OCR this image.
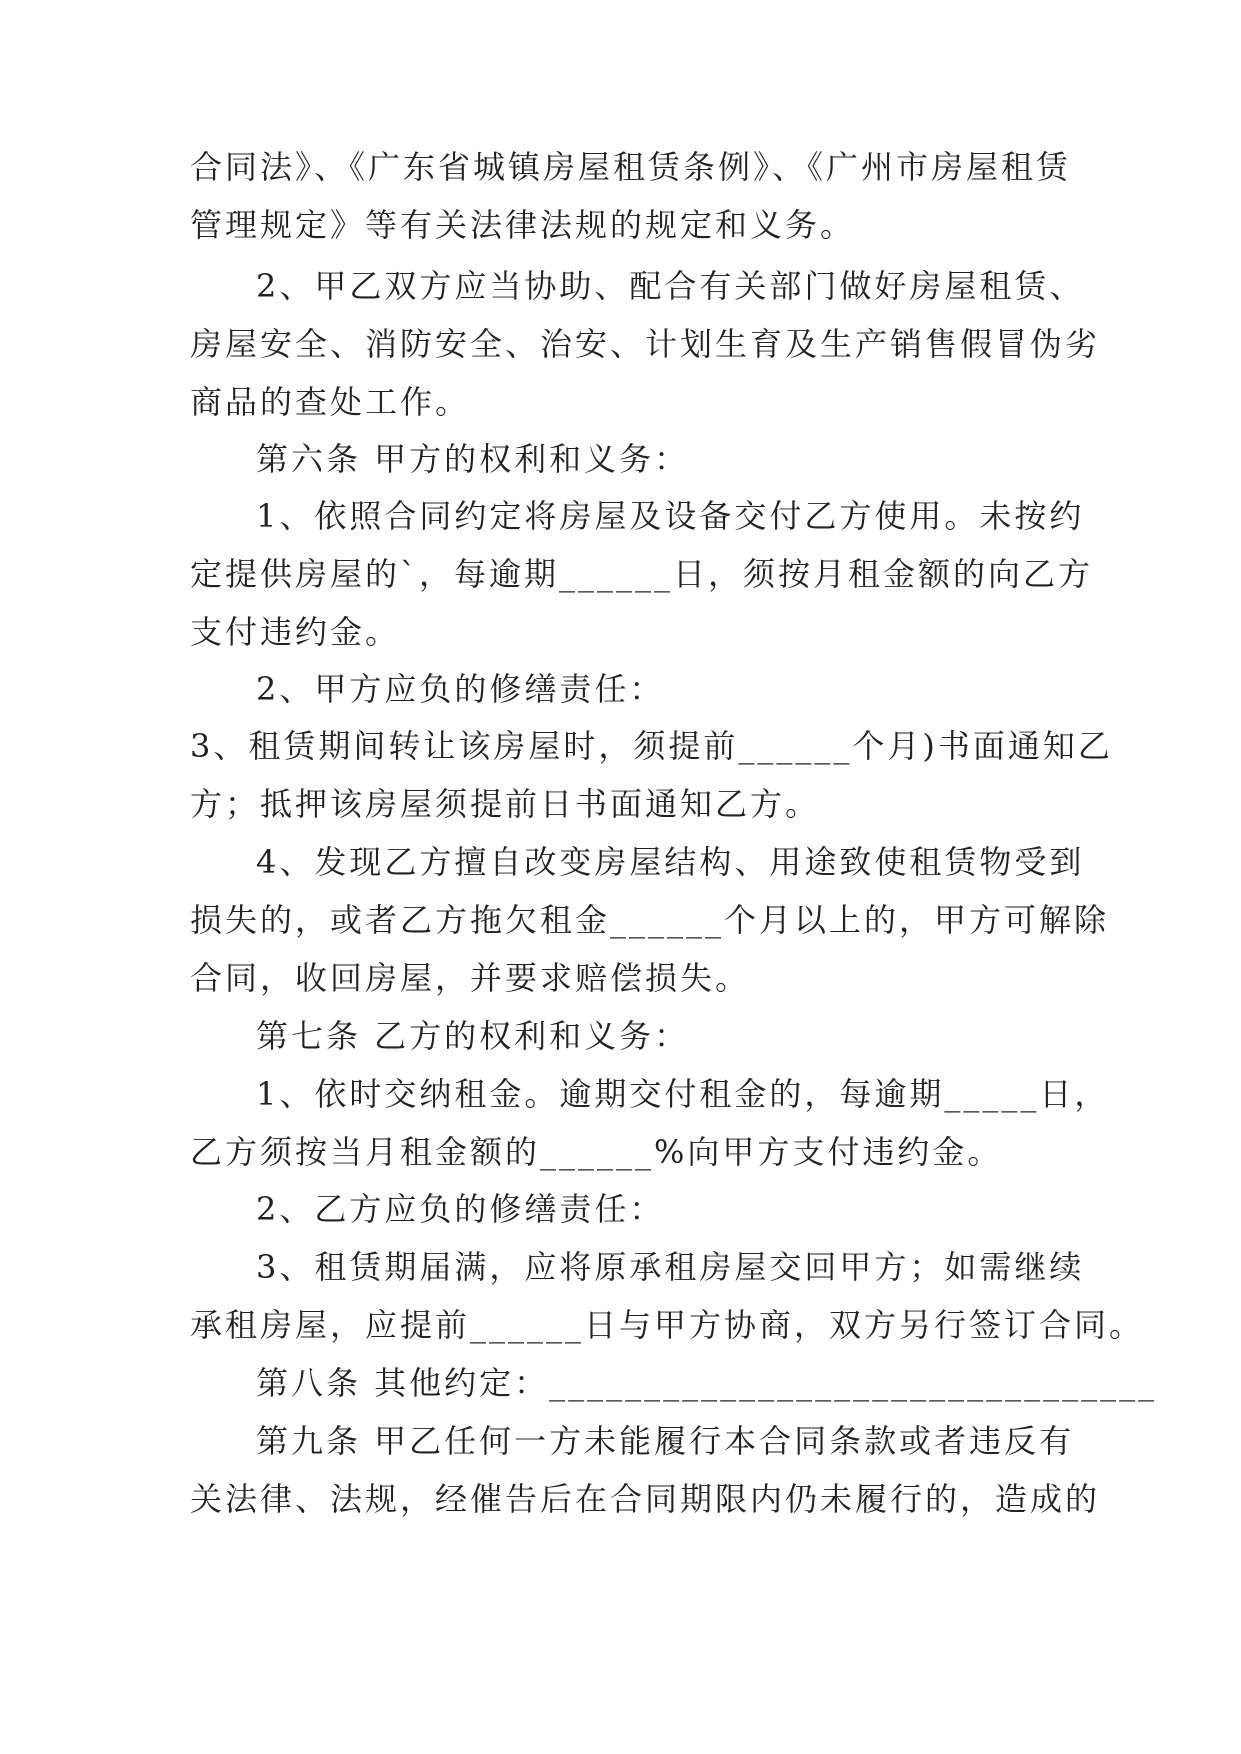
合同法》、《广东省城镇房屋租赁条例》、《广州市房屋租赁
管理规定》等有关法律法规的规定和义务。
2、甲乙双方应当协助、配合有关部门做好房屋租赁、
房屋安全、消防安全、治安、计划生育及生产销售假冒伪劣
商品的查处工作。
第六条 甲方的权利和义务：
1、依照合同约定将房屋及设备交付乙方使用。未按约
定提供房屋的`，每逾期______日，须按月租金额的向乙方
支付违约金。
2、甲方应负的修缮责任：
3、租赁期间转让该房屋时，须提前______个月)书面通知乙
方；抵押该房屋须提前日书面通知乙方。
4、发现乙方擅自改变房屋结构、用途致使租赁物受到
损失的，或者乙方拖欠租金______个月以上的，甲方可解除
合同，收回房屋，并要求赔偿损失。
第七条 乙方的权利和义务：
1、依时交纳租金。逾期交付租金的，每逾期_____日，
乙方须按当月租金额的______%向甲方支付违约金。
2、乙方应负的修缮责任：
3、租赁期届满，应将原承租房屋交回甲方；如需继续
承租房屋，应提前______日与甲方协商，双方另行签订合同。
第八条 其他约定：________________________________
第九条 甲乙任何一方未能履行本合同条款或者违反有
关法律、法规，经催告后在合同期限内仍未履行的，造成的
